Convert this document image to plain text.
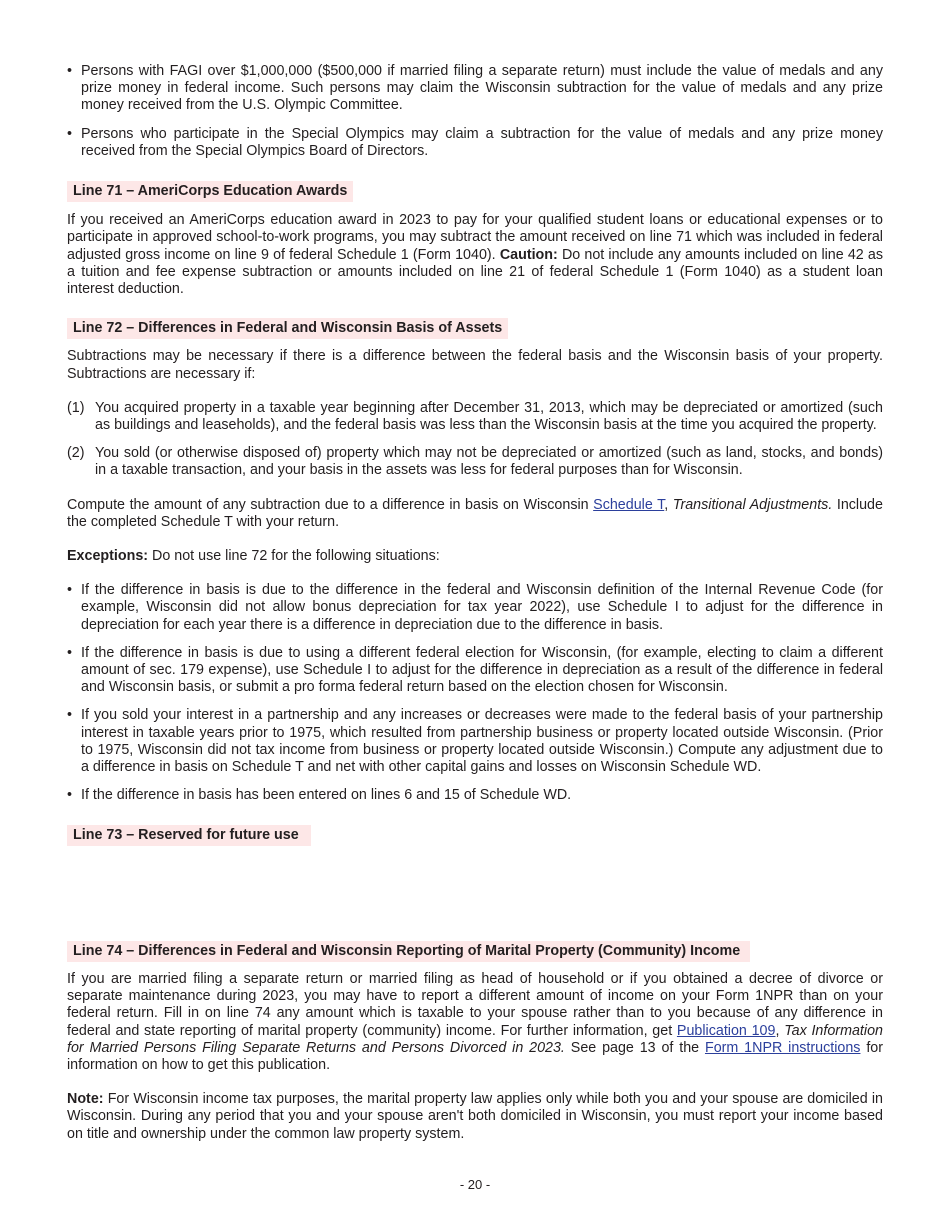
• Persons with FAGI over $1,000,000 ($500,000 if married filing a separate return) must include the value of medals and any prize money in federal income. Such persons may claim the Wisconsin subtraction for the value of medals and any prize money received from the U.S. Olympic Committee.
• Persons who participate in the Special Olympics may claim a subtraction for the value of medals and any prize money received from the Special Olympics Board of Directors.
Line 71 – AmeriCorps Education Awards

If you received an AmeriCorps education award in 2023 to pay for your qualified student loans or educational expenses or to participate in approved school-to-work programs, you may subtract the amount received on line 71 which was included in federal adjusted gross income on line 9 of federal Schedule 1 (Form 1040). Caution: Do not include any amounts included on line 42 as a tuition and fee expense subtraction or amounts included on line 21 of federal Schedule 1 (Form 1040) as a student loan interest deduction.

Line 72 – Differences in Federal and Wisconsin Basis of Assets

Subtractions may be necessary if there is a difference between the federal basis and the Wisconsin basis of your property. Subtractions are necessary if:

(1) You acquired property in a taxable year beginning after December 31, 2013, which may be depreciated or amortized (such as buildings and leaseholds), and the federal basis was less than the Wisconsin basis at the time you acquired the property.
(2) You sold (or otherwise disposed of) property which may not be depreciated or amortized (such as land, stocks, and bonds) in a taxable transaction, and your basis in the assets was less for federal purposes than for Wisconsin.

Compute the amount of any subtraction due to a difference in basis on Wisconsin Schedule T, Transitional Adjustments. Include the completed Schedule T with your return.

Exceptions: Do not use line 72 for the following situations:

• If the difference in basis is due to the difference in the federal and Wisconsin definition of the Internal Revenue Code (for example, Wisconsin did not allow bonus depreciation for tax year 2022), use Schedule I to adjust for the difference in depreciation for each year there is a difference in depreciation due to the difference in basis.
• If the difference in basis is due to using a different federal election for Wisconsin, (for example, electing to claim a different amount of sec. 179 expense), use Schedule I to adjust for the difference in depreciation as a result of the difference in federal and Wisconsin basis, or submit a pro forma federal return based on the election chosen for Wisconsin.
• If you sold your interest in a partnership and any increases or decreases were made to the federal basis of your partnership interest in taxable years prior to 1975, which resulted from partnership business or property located outside Wisconsin. (Prior to 1975, Wisconsin did not tax income from business or property located outside Wisconsin.) Compute any adjustment due to a difference in basis on Schedule T and net with other capital gains and losses on Wisconsin Schedule WD.
• If the difference in basis has been entered on lines 6 and 15 of Schedule WD.
Line 73 – Reserved for future use
Line 74 – Differences in Federal and Wisconsin Reporting of Marital Property (Community) Income

If you are married filing a separate return or married filing as head of household or if you obtained a decree of divorce or separate maintenance during 2023, you may have to report a different amount of income on your Form 1NPR than on your federal return. Fill in on line 74 any amount which is taxable to your spouse rather than to you because of any difference in federal and state reporting of marital property (community) income. For further information, get Publication 109, Tax Information for Married Persons Filing Separate Returns and Persons Divorced in 2023. See page 13 of the Form 1NPR instructions for information on how to get this publication.

Note: For Wisconsin income tax purposes, the marital property law applies only while both you and your spouse are domiciled in Wisconsin. During any period that you and your spouse aren't both domiciled in Wisconsin, you must report your income based on title and ownership under the common law property system.

- 20 -
